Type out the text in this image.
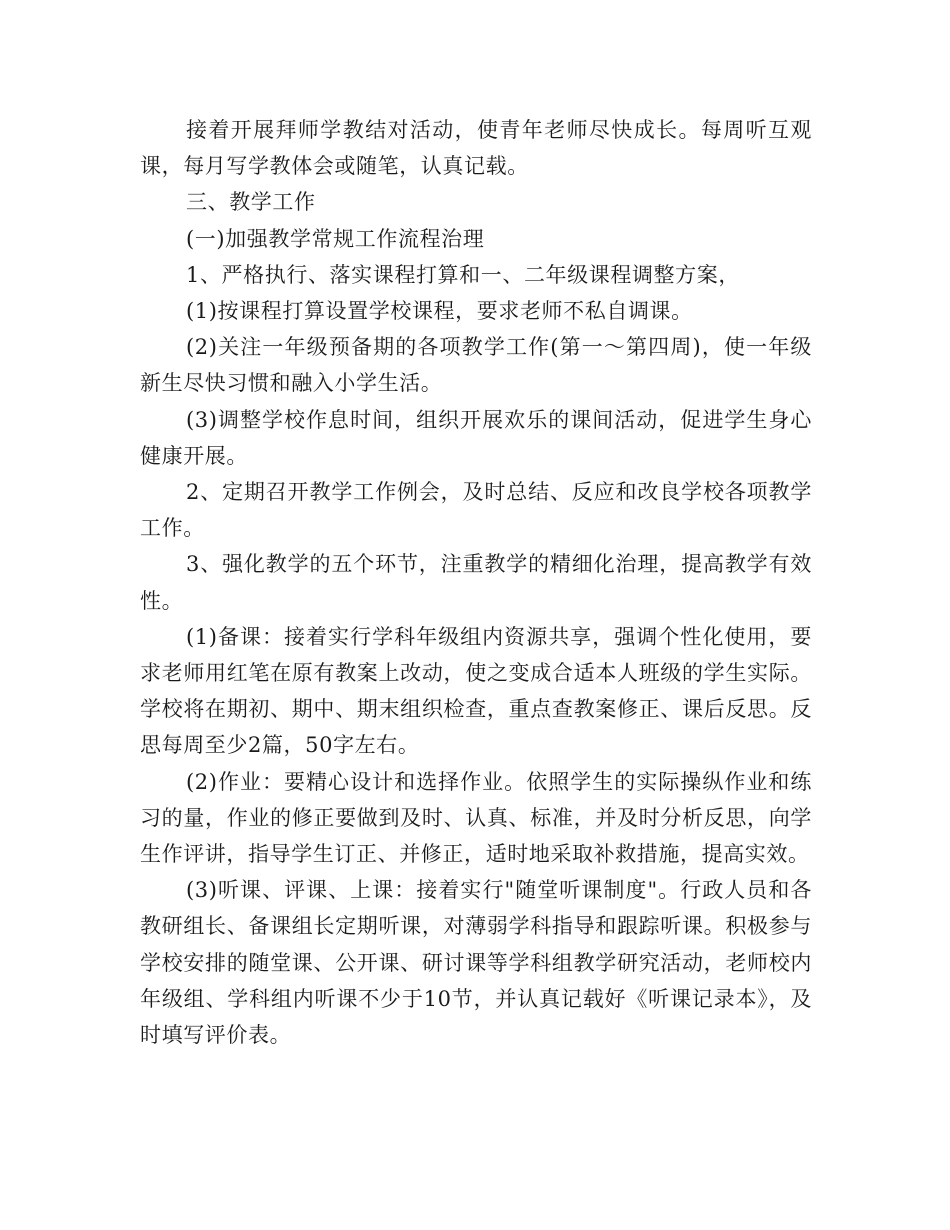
接着开展拜师学教结对活动，使青年老师尽快成长。每周听互观课，每月写学教体会或随笔，认真记载。

三、教学工作

(一)加强教学常规工作流程治理

1、严格执行、落实课程打算和一、二年级课程调整方案，

(1)按课程打算设置学校课程，要求老师不私自调课。

(2)关注一年级预备期的各项教学工作(第一～第四周)，使一年级新生尽快习惯和融入小学生活。

(3)调整学校作息时间，组织开展欢乐的课间活动，促进学生身心健康开展。

2、定期召开教学工作例会，及时总结、反应和改良学校各项教学工作。

3、强化教学的五个环节，注重教学的精细化治理，提高教学有效性。

(1)备课：接着实行学科年级组内资源共享，强调个性化使用，要求老师用红笔在原有教案上改动，使之变成合适本人班级的学生实际。学校将在期初、期中、期末组织检查，重点查教案修正、课后反思。反思每周至少2篇，50字左右。

(2)作业：要精心设计和选择作业。依照学生的实际操纵作业和练习的量，作业的修正要做到及时、认真、标准，并及时分析反思，向学生作评讲，指导学生订正、并修正，适时地采取补救措施，提高实效。

(3)听课、评课、上课：接着实行"随堂听课制度"。行政人员和各教研组长、备课组长定期听课，对薄弱学科指导和跟踪听课。积极参与学校安排的随堂课、公开课、研讨课等学科组教学研究活动，老师校内年级组、学科组内听课不少于10节，并认真记载好《听课记录本》，及时填写评价表。
